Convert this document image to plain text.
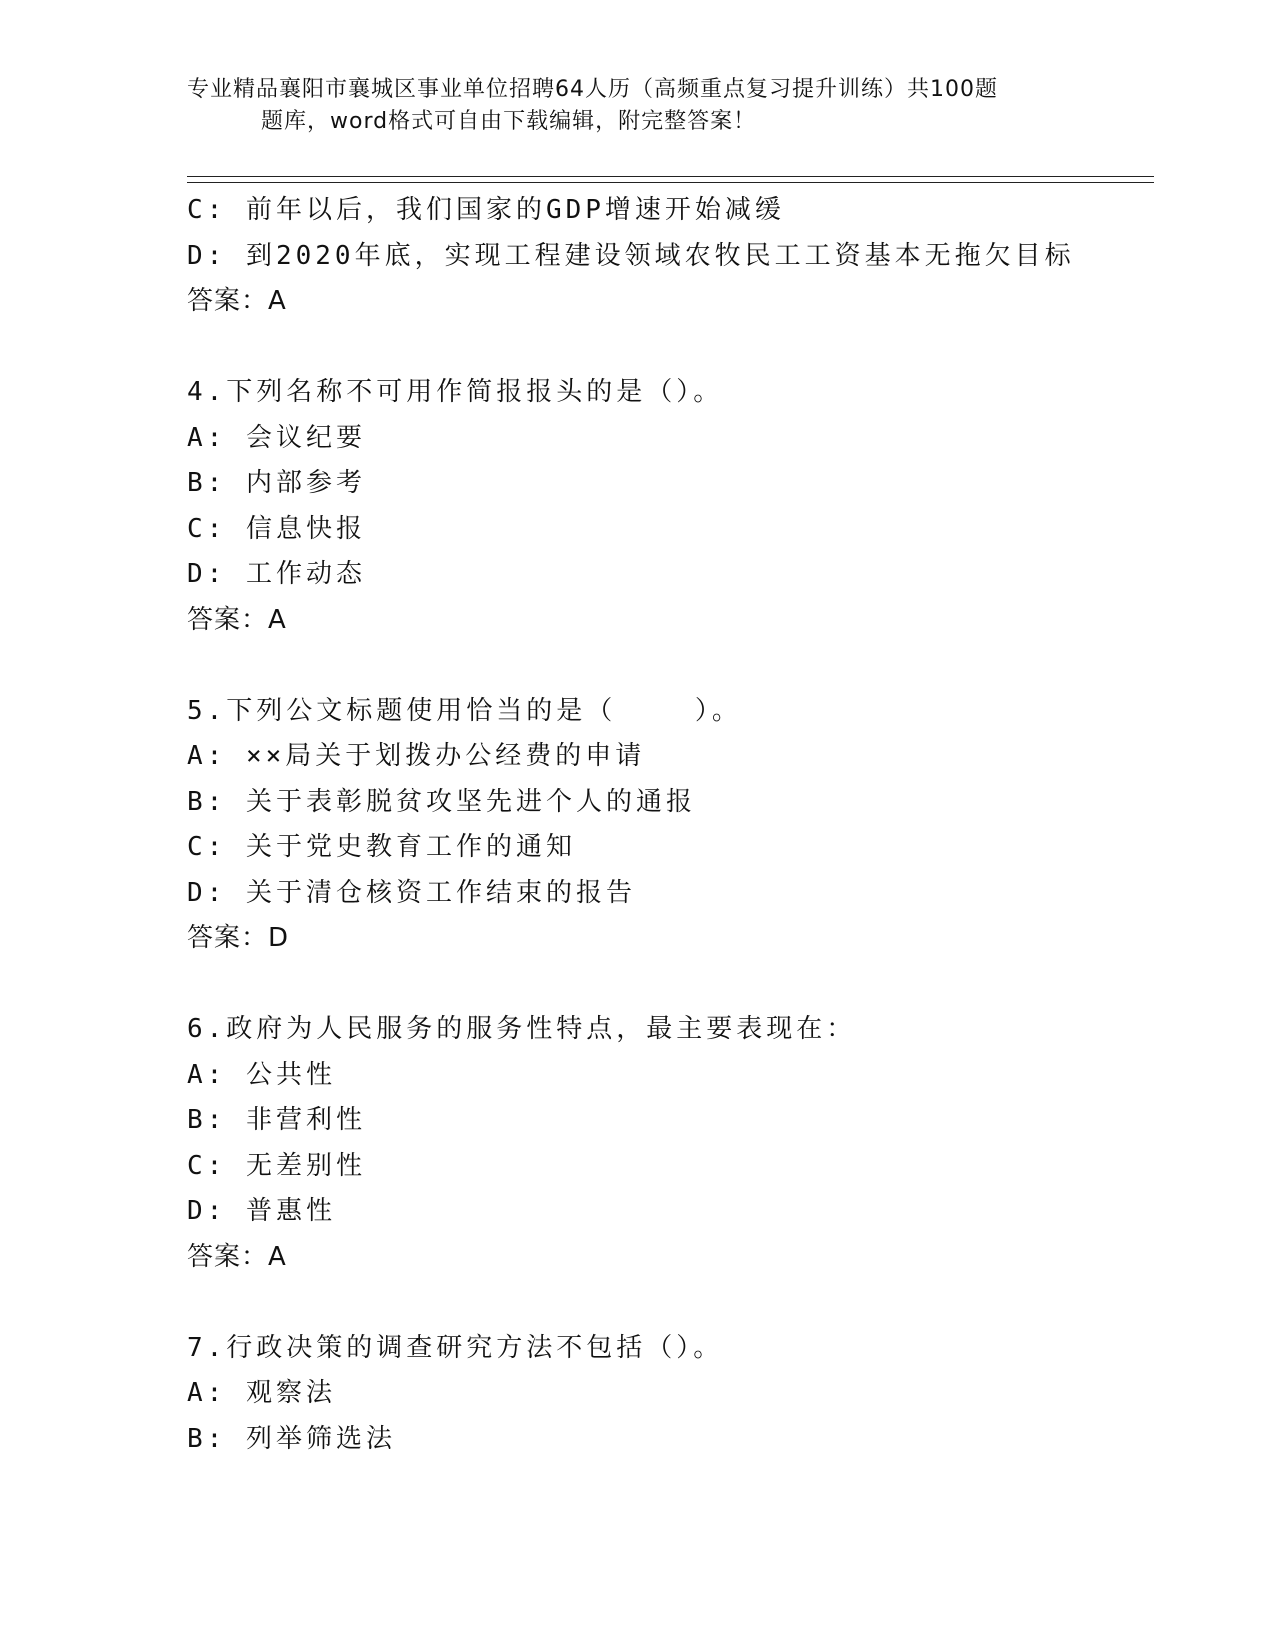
专业精品襄阳市襄城区事业单位招聘64人历（高频重点复习提升训练）共100题
题库，word格式可自由下载编辑，附完整答案！
C: 前年以后，我们国家的GDP增速开始减缓
D: 到2020年底，实现工程建设领域农牧民工工资基本无拖欠目标
答案：A
4.下列名称不可用作简报报头的是（）。
A: 会议纪要
B: 内部参考
C: 信息快报
D: 工作动态
答案：A
5.下列公文标题使用恰当的是（    ）。
A: ××局关于划拨办公经费的申请
B: 关于表彰脱贫攻坚先进个人的通报
C: 关于党史教育工作的通知
D: 关于清仓核资工作结束的报告
答案：D
6.政府为人民服务的服务性特点，最主要表现在：
A: 公共性
B: 非营利性
C: 无差别性
D: 普惠性
答案：A
7.行政决策的调查研究方法不包括（）。
A: 观察法
B: 列举筛选法
